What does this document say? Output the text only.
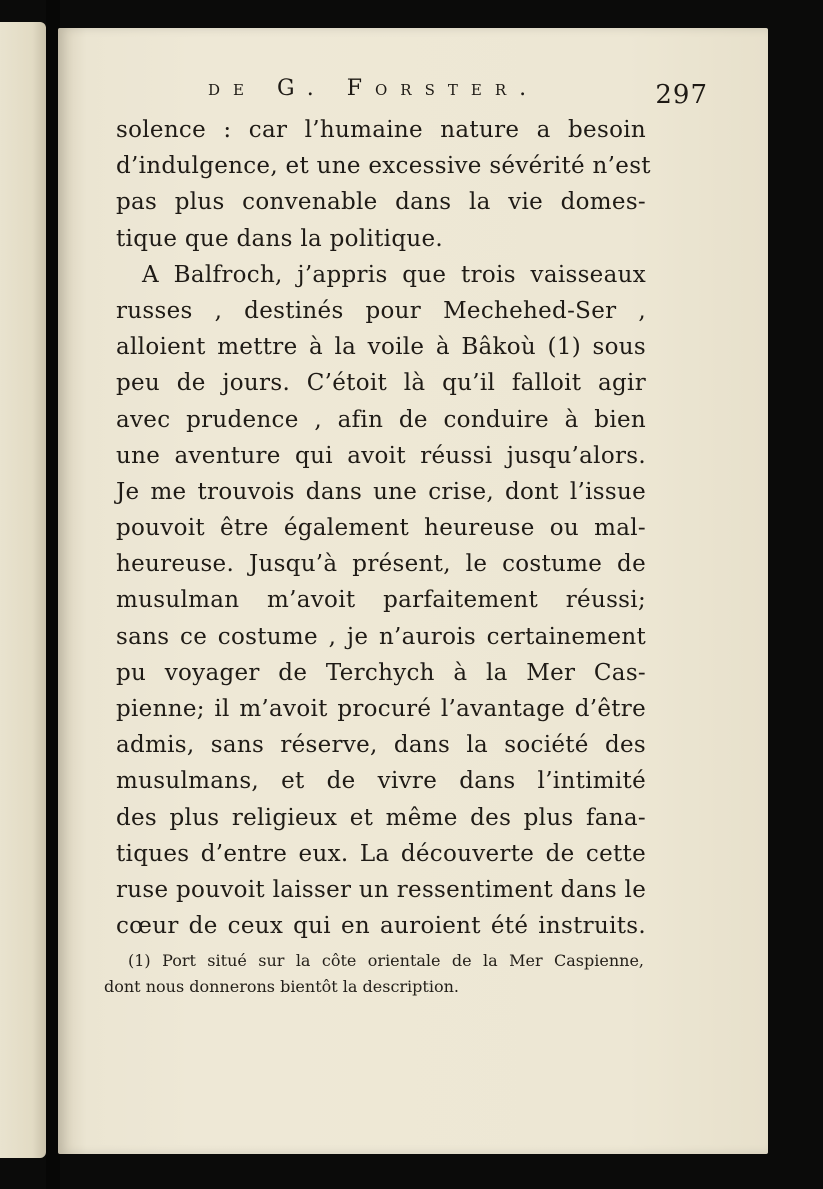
de G. Forster.	297
solence : car l’humaine nature a besoin
d’indulgence, et une excessive sévérité n’est
pas plus convenable dans la vie domes-
tique que dans la politique.
A Balfroch, j’appris que trois vaisseaux
russes , destinés pour Mechehed-Ser ,
alloient mettre à la voile à Bâkoù (1) sous
peu de jours. C’étoit là qu’il falloit agir
avec prudence , afin de conduire à bien
une aventure qui avoit réussi jusqu’alors.
Je me trouvois dans une crise, dont l’issue
pouvoit être également heureuse ou mal-
heureuse. Jusqu’à présent, le costume de
musulman m’avoit parfaitement réussi;
sans ce costume , je n’aurois certainement
pu voyager de Terchych à la Mer Cas-
pienne; il m’avoit procuré l’avantage d’être
admis, sans réserve, dans la société des
musulmans, et de vivre dans l’intimité
des plus religieux et même des plus fana-
tiques d’entre eux. La découverte de cette
ruse pouvoit laisser un ressentiment dans le
cœur de ceux qui en auroient été instruits.
(1) Port situé sur la côte orientale de la Mer Caspienne,
dont nous donnerons bientôt la description.
